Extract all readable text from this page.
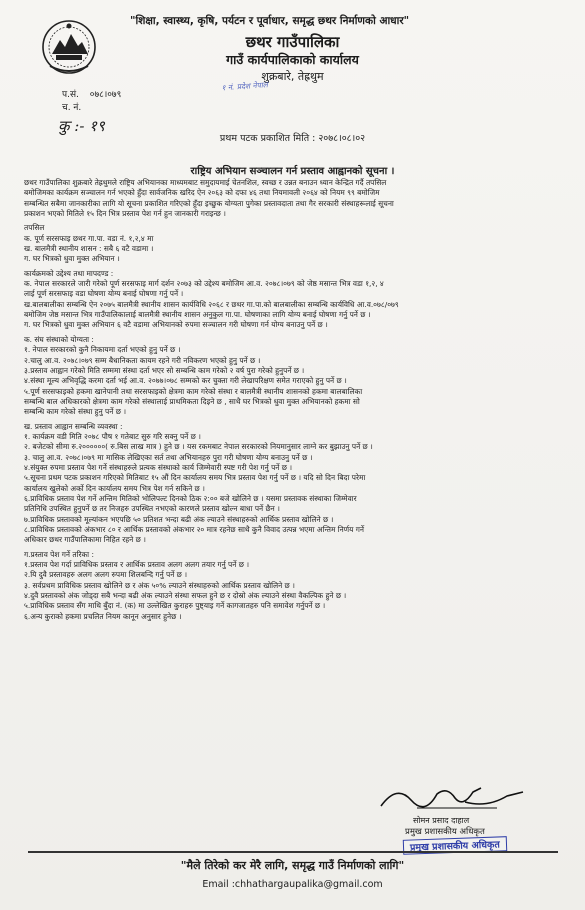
"शिक्षा, स्वास्थ्य, कृषि, पर्यटन र पूर्वाधार, समृद्ध छथर निर्माणको आधार"
छथर गाउँपालिका
गाउँ कार्यपालिकाको कार्यालय
शुक्रबारे, तेह्रथुम
१ नं. प्रदेश नेपाल
प.सं. ०७८।०७९
च. नं.
कु :- १९
प्रथम पटक प्रकाशित मिति : २०७८।०८।०२
राष्ट्रिय अभियान सञ्चालन गर्न प्रस्ताव आह्वानको सूचना ।

छथर गाउँपालिका शुक्रबारे तेह्रथुमले राष्ट्रिय अभियानका माध्यमबाट समुदायमाई चेतनशिल, स्वच्छ र उन्नत बनाउन ध्यान केन्द्रित गर्दै तपसिल

बमोजिमका कार्यक्रम सञ्चालन गर्न भएको हुँदा सार्वजनिक खरिद ऐन २०६३ को दफा ४६ तथा नियमावली २०६४ को नियम ९९ बमोजिम

सम्बन्धित सबैमा जानकारीका लागि यो सूचना प्रकाशित गरिएको हुँदा इच्छुक योग्यता पुगेका प्रस्तावदाता तथा गैर सरकारी संस्थाहरूलाई सूचना

प्रकाशन भएको मितिले १५ दिन भित्र प्रस्ताव पेश गर्न हुन जानकारी गराइन्छ ।

तपसिल

क. पूर्ण सरसफाइ छथर गा.पा. वडा नं. १,२,४ मा

ख. बालमैत्री स्थानीय शासन : सबै ६ वटै वडामा ।

ग. घर भित्रको धुवा मुक्त अभियान ।

कार्यक्रमको उद्देश्य तथा मापदण्ड :

क. नेपाल सरकारले जारी गरेको पूर्ण सरसफाइ मार्ग दर्शन २०७३ को उद्देश्य बमोजिम आ.व. २०७८।०७९ को जेष्ठ मसान्त भित्र वडा १,२, ४

लाई पूर्ण सरसफाइ वडा घोषणा योग्य बनाई घोषणा गर्नु पर्ने ।

ख.बालबालीका सम्बन्धि ऐन २०७५ बालमैत्री स्थानीय शासन कार्यविधि २०६८ र छथर गा.पा.को बालबालीका सम्बन्धि कार्यविधि आ.व.०७८/०७९

बमोजिम जेष्ठ मसान्त भित्र गाउँपालिकालाई बालमैत्री स्थानीय शासन अनुकुल गा.पा. घोषणाका लागि योग्य बनाई घोषणा गर्नु पर्ने छ ।

ग. घर भित्रको धुवा मुक्त अभियान ६ वटै वडामा अभियानको रुपमा सञ्चालन गरी घोषणा गर्न योग्य बनाउनु पर्ने छ ।

क. संघ संस्थाको योग्यता :

१. नेपाल सरकारको कुनै निकायमा दर्ता भएको हुनु पर्ने छ ।

२.चालु आ.व. २०७८।०७९ सम्म बैधानिकता कायम रहने गरी नविकरण भएको हुनु पर्ने छ ।

३.प्रस्ताव आह्वान गरेको मिति सम्ममा संस्था दर्ता भएर सो सम्बन्धि काम गरेको २ वर्ष पुरा गरेको हुनुपर्ने छ ।

४.संस्था मूल्य अभिवृद्धि करमा दर्ता भई आ.व. २०७७।०७८ सम्मको कर चुक्ता गरी लेखापरिक्षण समेत गराएको हुनु पर्ने छ ।

५.पूर्ण सरसफाइको हकमा खानेपानी तथा सरसफाइको क्षेत्रमा काम गरेको संस्था र बालमैत्री स्थानीय शासनको हकमा बालबालिका

सम्बन्धि बाल अधिकारको क्षेत्रमा काम गरेको संस्थालाई प्राथमिकता दिइने छ , साथै घर भित्रको धुवा मुक्त अभियानको हकमा सो

सम्बन्धि काम गरेको संस्था हुनु पर्ने छ ।

ख. प्रस्ताव आह्वान सम्बन्धि व्यवस्था :

१. कार्यक्रम वडी मिति २०७८ पौष १ गतेबाट सुरु गरि सक्नु पर्ने छ ।

२. बजेटको सीमा रु.२००००००( रु.बिस लाख मात्र ) हुने छ । यस रकमबाट नेपाल सरकारको नियमानुसार लाग्ने कर बुझाउनु पर्ने छ ।

३. चालु आ.व. २०७८।०७९ मा मासिक लेखिएका सर्त तथा अभियानहरु पुरा गरी घोषणा योग्य बनाउनु पर्ने छ ।

४.संयुक्त रुपमा प्रस्ताव पेश गर्ने संस्थाहरुले प्रत्यक संस्थाको कार्य जिम्मेवारी स्पष्ट गरी पेश गर्नु पर्ने छ ।

५.सूचना प्रथम पटक प्रकाशन गरिएको मितिबाट १५ औं दिन कार्यालय समय भित्र प्रस्ताव पेश गर्नु पर्ने छ । यदि सो दिन बिदा परेमा

कार्यालय खुलेको अर्को दिन कार्यालय समय भित्र पेश गर्न सकिने छ ।

६.प्राविधिक प्रस्ताव पेश गर्ने अन्तिम मितिको भोलिपल्ट दिनको ठिक २:०० बजे खोलिने छ । यसमा प्रस्तावक संस्थाका जिम्मेवार

प्रतिनिधि उपस्थित हुनुपर्ने छ तर निजहरु उपस्थित नभएको कारणले प्रस्ताव खोल्न बाधा पर्ने छैन ।

७.प्राविधिक प्रस्तावको मूल्यांकन भएपछि ५० प्रतिशत भन्दा बढी अंक ल्याउने संस्थाहरुको आर्थिक प्रस्ताव खोलिने छ ।

८.प्राविधिक प्रस्तावको अंकभार ८० र आर्थिक प्रस्तावको अंकभार २० मात्र रहनेछ साथै कुनै विवाद उत्पन्न भएमा अन्तिम निर्णय गर्ने

अधिकार छथर गाउँपालिकामा निहित रहने छ ।

ग.प्रस्ताव पेश गर्ने तरिका :

१.प्रस्ताव पेश गर्दा प्राविधिक प्रस्ताव र आर्थिक प्रस्ताव अलग अलग तयार गर्नु पर्ने छ ।

२.यि दुवै प्रस्तावहरु अलग अलग रुपमा शिलबन्दि गर्नु पर्ने छ ।

३. सर्वप्रथम प्राविधिक प्रस्ताव खोलिने छ र अंक ५०% ल्याउने संस्थाहरुको आर्थिक प्रस्ताव खोलिने छ ।

४.दुवै प्रस्तावको अंक जोड्दा सबै भन्दा बढी अंक ल्याउने संस्था सफल हुने छ र दोस्रो अंक ल्याउने संस्था वैकल्पिक हुने छ ।

५.प्राविधिक प्रस्ताव सँग माथि बुँदा नं. (क) मा उल्लेखित कुराहरु पुष्ट्याइ गर्ने कागजातहरु पनि समावेश गर्नुपर्ने छ ।

६.अन्य कुराको हकमा प्रचलित नियम कानून अनुसार हुनेछ ।

सोमन प्रसाद दाहाल
प्रमुख प्रशासकीय अधिकृत
प्रमुख प्रशासकीय अधिकृत
"मैले तिरेको कर मेरै लागि, समृद्ध गाउँ निर्माणको लागि"
Email :chhathargaupalika@gmail.com
